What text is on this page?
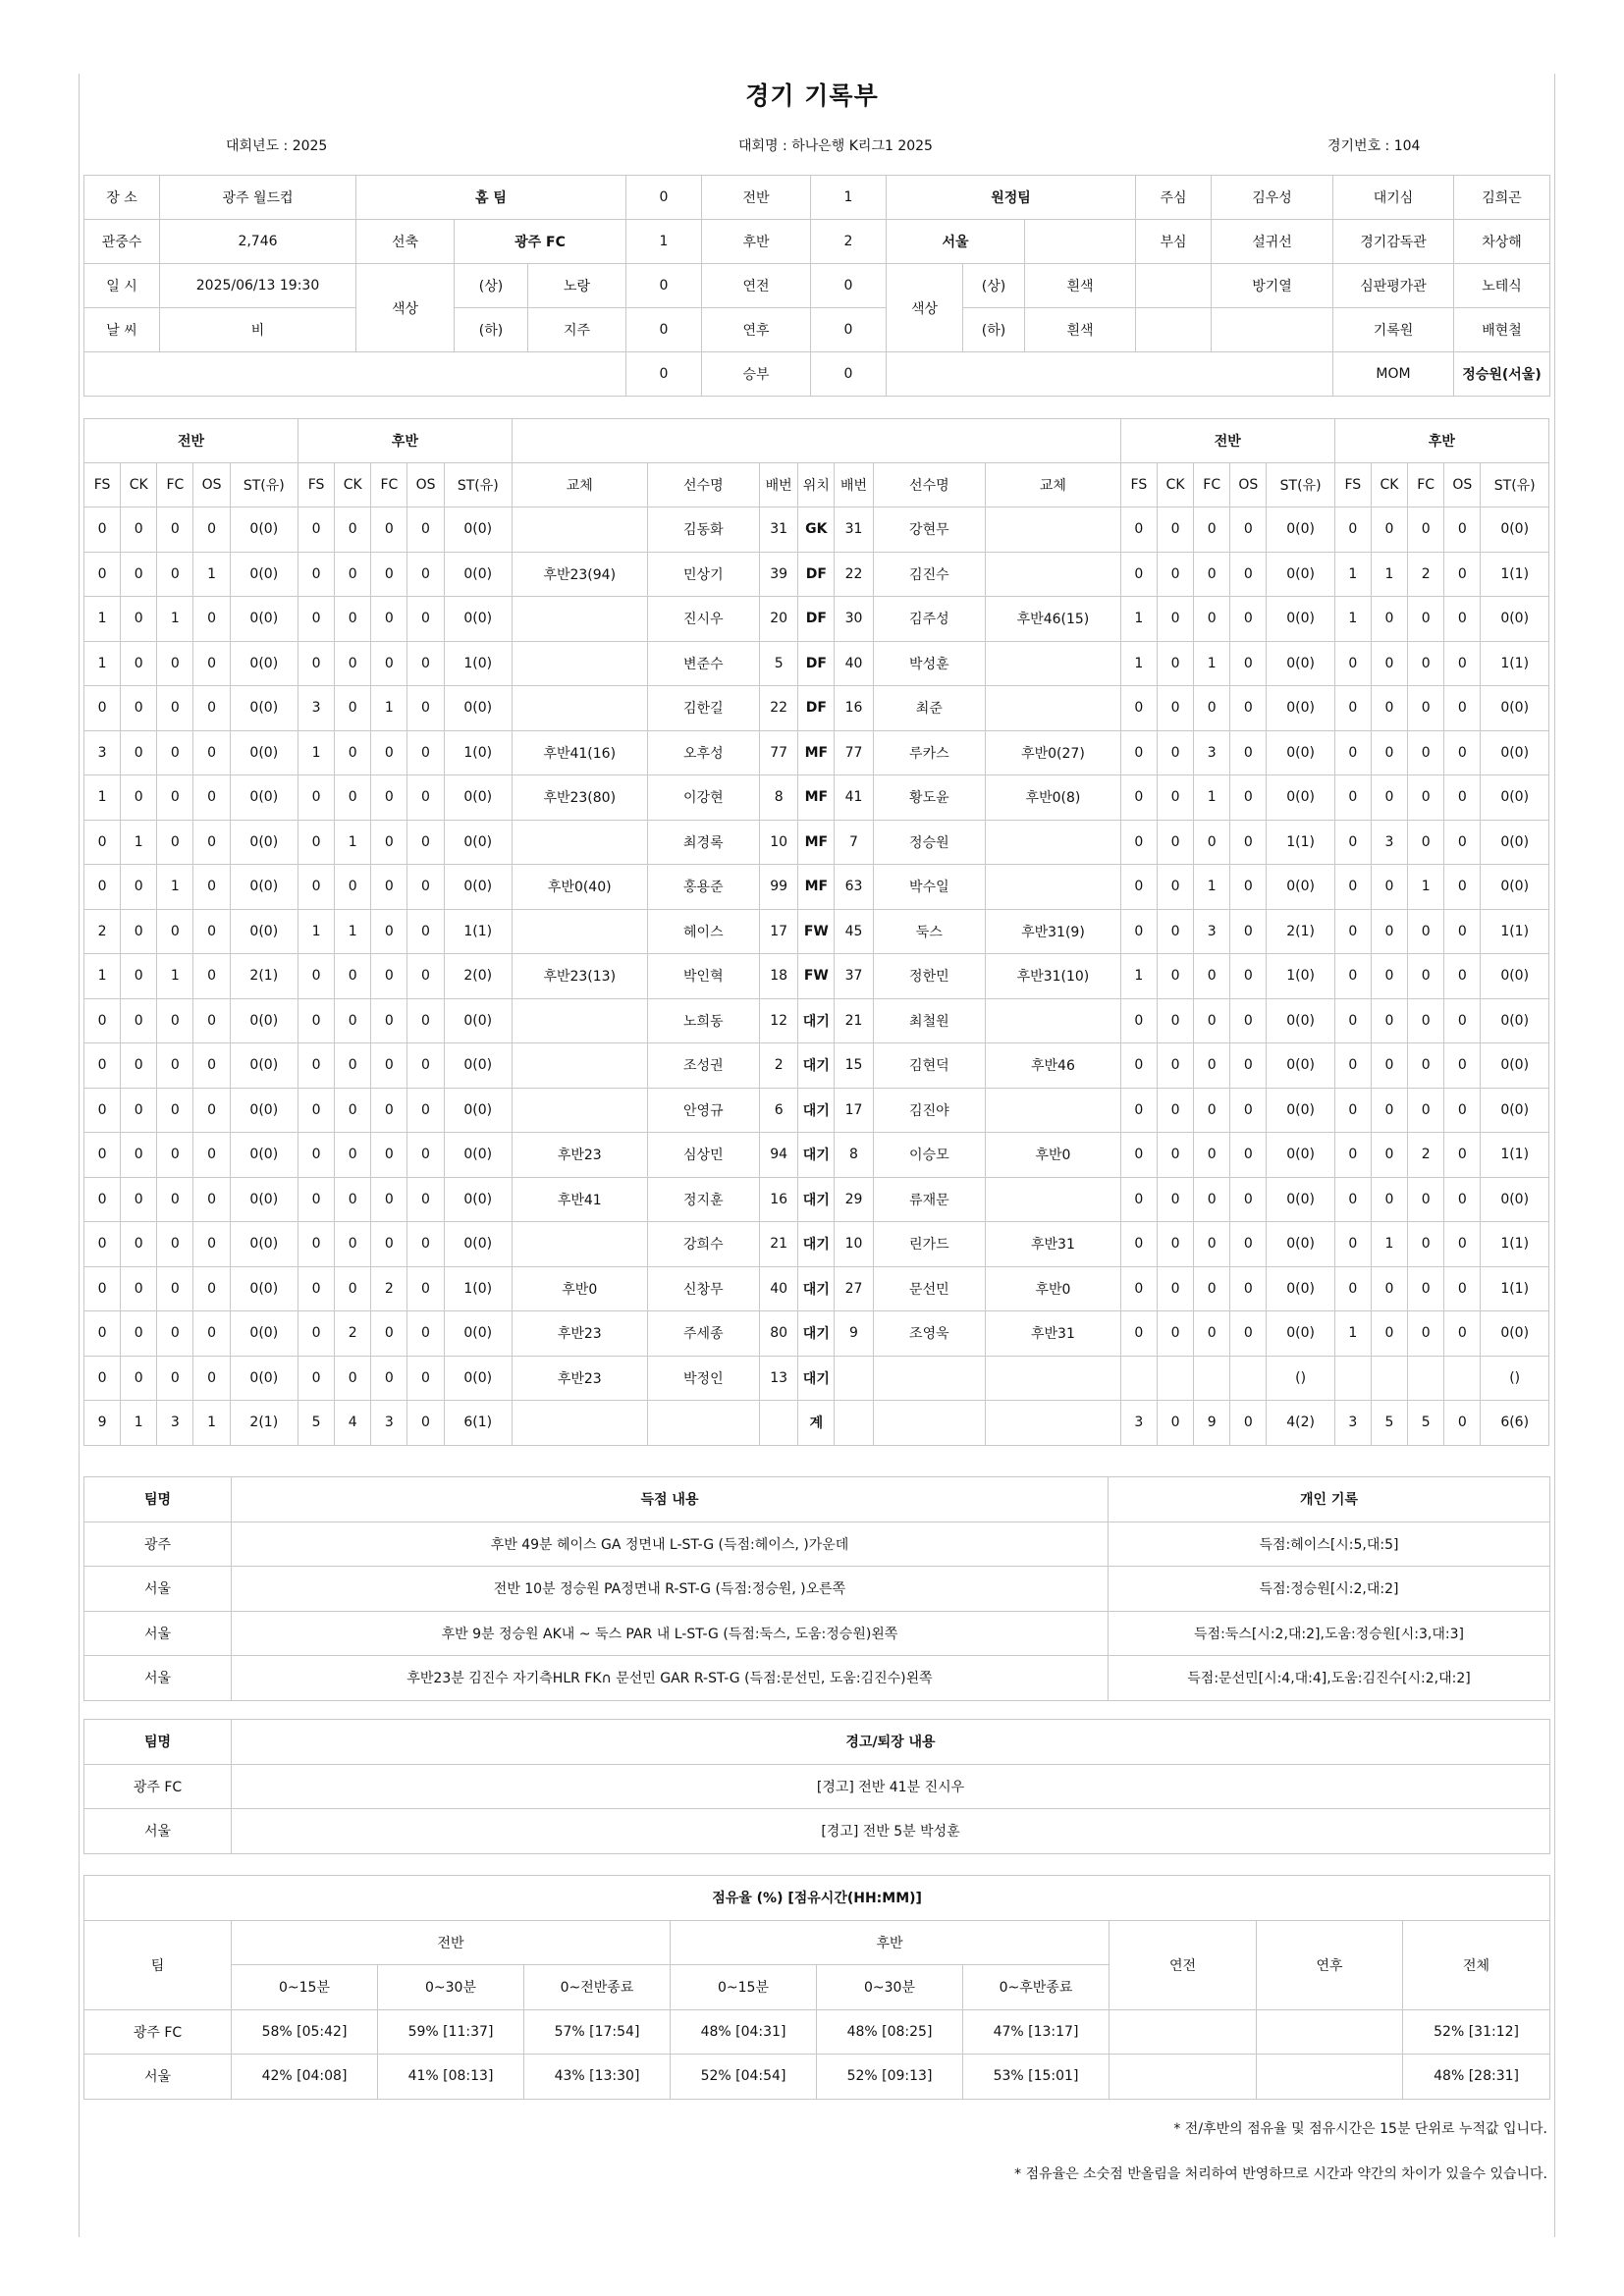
경기 기록부
대회년도 : 2025	대회명 : 하나은행 K리그1 2025	경기번호 : 104
장 소	광주 월드컵	홈 팀			0	전반	1	원정팀			주심	김우성	대기심	김희곤
관중수	2,746	선축	광주 FC		1	후반	2	서울			부심	설귀선	경기감독관	차상해
일 시	2025/06/13 19:30	색상	(상)	노랑	0	연전	0	색상	(상)	흰색		방기열	심판평가관	노테식
날 씨	비		(하)	지주	0	연후	0		(하)	흰색			기록원	배현철
					0	승부	0						MOM	정승원(서울)
전반					후반												전반					후반				
FS	CK	FC	OS	ST(유)	FS	CK	FC	OS	ST(유)	교체	선수명	배번	위치	배번	선수명	교체	FS	CK	FC	OS	ST(유)	FS	CK	FC	OS	ST(유)
0	0	0	0	0(0)	0	0	0	0	0(0)		김동화	31	GK	31	강현무		0	0	0	0	0(0)	0	0	0	0	0(0)
0	0	0	1	0(0)	0	0	0	0	0(0)	후반23(94)	민상기	39	DF	22	김진수		0	0	0	0	0(0)	1	1	2	0	1(1)
1	0	1	0	0(0)	0	0	0	0	0(0)		진시우	20	DF	30	김주성	후반46(15)	1	0	0	0	0(0)	1	0	0	0	0(0)
1	0	0	0	0(0)	0	0	0	0	1(0)		변준수	5	DF	40	박성훈		1	0	1	0	0(0)	0	0	0	0	1(1)
0	0	0	0	0(0)	3	0	1	0	0(0)		김한길	22	DF	16	최준		0	0	0	0	0(0)	0	0	0	0	0(0)
3	0	0	0	0(0)	1	0	0	0	1(0)	후반41(16)	오후성	77	MF	77	루카스	후반0(27)	0	0	3	0	0(0)	0	0	0	0	0(0)
1	0	0	0	0(0)	0	0	0	0	0(0)	후반23(80)	이강현	8	MF	41	황도윤	후반0(8)	0	0	1	0	0(0)	0	0	0	0	0(0)
0	1	0	0	0(0)	0	1	0	0	0(0)		최경록	10	MF	7	정승원		0	0	0	0	1(1)	0	3	0	0	0(0)
0	0	1	0	0(0)	0	0	0	0	0(0)	후반0(40)	홍용준	99	MF	63	박수일		0	0	1	0	0(0)	0	0	1	0	0(0)
2	0	0	0	0(0)	1	1	0	0	1(1)		헤이스	17	FW	45	둑스	후반31(9)	0	0	3	0	2(1)	0	0	0	0	1(1)
1	0	1	0	2(1)	0	0	0	0	2(0)	후반23(13)	박인혁	18	FW	37	정한민	후반31(10)	1	0	0	0	1(0)	0	0	0	0	0(0)
0	0	0	0	0(0)	0	0	0	0	0(0)		노희동	12	대기	21	최철원		0	0	0	0	0(0)	0	0	0	0	0(0)
0	0	0	0	0(0)	0	0	0	0	0(0)		조성권	2	대기	15	김현덕	후반46	0	0	0	0	0(0)	0	0	0	0	0(0)
0	0	0	0	0(0)	0	0	0	0	0(0)		안영규	6	대기	17	김진야		0	0	0	0	0(0)	0	0	0	0	0(0)
0	0	0	0	0(0)	0	0	0	0	0(0)	후반23	심상민	94	대기	8	이승모	후반0	0	0	0	0	0(0)	0	0	2	0	1(1)
0	0	0	0	0(0)	0	0	0	0	0(0)	후반41	정지훈	16	대기	29	류재문		0	0	0	0	0(0)	0	0	0	0	0(0)
0	0	0	0	0(0)	0	0	0	0	0(0)		강희수	21	대기	10	린가드	후반31	0	0	0	0	0(0)	0	1	0	0	1(1)
0	0	0	0	0(0)	0	0	2	0	1(0)	후반0	신창무	40	대기	27	문선민	후반0	0	0	0	0	0(0)	0	0	0	0	1(1)
0	0	0	0	0(0)	0	2	0	0	0(0)	후반23	주세종	80	대기	9	조영욱	후반31	0	0	0	0	0(0)	1	0	0	0	0(0)
0	0	0	0	0(0)	0	0	0	0	0(0)	후반23	박정인	13	대기								()					()
9	1	3	1	2(1)	5	4	3	0	6(1)				계				3	0	9	0	4(2)	3	5	5	0	6(6)
팀명	득점 내용	개인 기록
광주	후반 49분 헤이스 GA 정면내 L-ST-G (득점:헤이스, )가운데	득점:헤이스[시:5,대:5]
서울	전반 10분 정승원 PA정면내 R-ST-G (득점:정승원, )오른쪽	득점:정승원[시:2,대:2]
서울	후반 9분 정승원 AK내 ~ 둑스 PAR 내 L-ST-G (득점:둑스, 도움:정승원)왼쪽	득점:둑스[시:2,대:2],도움:정승원[시:3,대:3]
서울	후반23분 김진수 자기측HLR FK∩ 문선민 GAR R-ST-G (득점:문선민, 도움:김진수)왼쪽	득점:문선민[시:4,대:4],도움:김진수[시:2,대:2]
팀명	경고/퇴장 내용
광주 FC	[경고] 전반 41분 진시우
서울	[경고] 전반 5분 박성훈
점유율 (%) [점유시간(HH:MM)]									
팀	전반			후반			연전	연후	전체
	0~15분	0~30분	0~전반종료	0~15분	0~30분	0~후반종료			
광주 FC	58% [05:42]	59% [11:37]	57% [17:54]	48% [04:31]	48% [08:25]	47% [13:17]			52% [31:12]
서울	42% [04:08]	41% [08:13]	43% [13:30]	52% [04:54]	52% [09:13]	53% [15:01]			48% [28:31]
* 전/후반의 점유율 및 점유시간은 15분 단위로 누적값 입니다.
* 점유율은 소숫점 반올림을 처리하여 반영하므로 시간과 약간의 차이가 있을수 있습니다.
